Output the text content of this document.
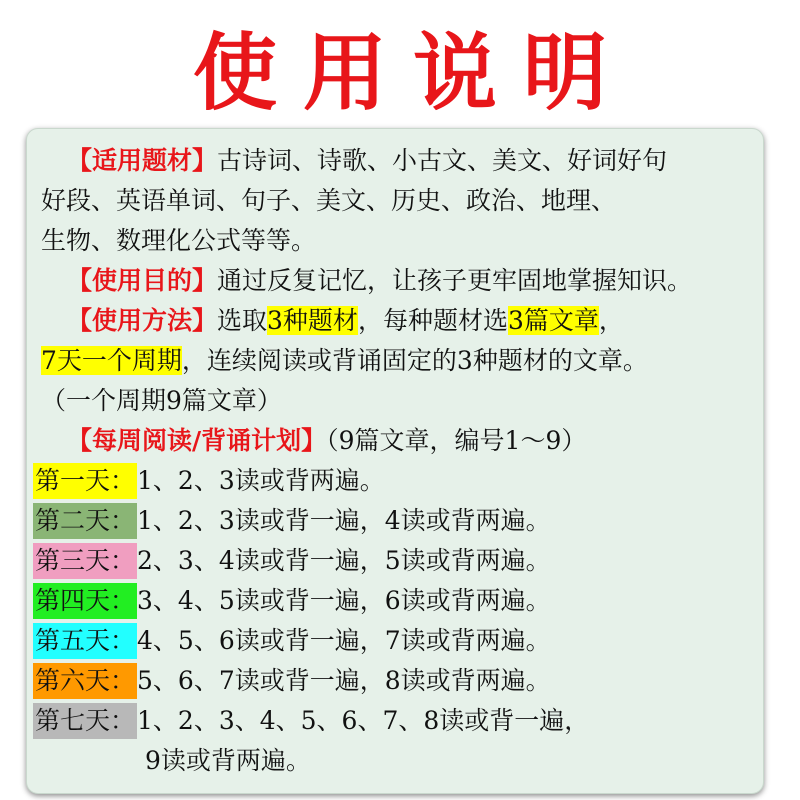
使用说明
【适用题材】古诗词、诗歌、小古文、美文、好词好句
好段、英语单词、句子、美文、历史、政治、地理、
生物、数理化公式等等。
【使用目的】通过反复记忆，让孩子更牢固地掌握知识。
【使用方法】选取3种题材，每种题材选3篇文章，
7天一个周期，连续阅读或背诵固定的3种题材的文章。
（一个周期9篇文章）
【每周阅读/背诵计划】（9篇文章，编号1～9）
第一天：1、2、3读或背两遍。
第二天：1、2、3读或背一遍，4读或背两遍。
第三天：2、3、4读或背一遍，5读或背两遍。
第四天：3、4、5读或背一遍，6读或背两遍。
第五天：4、5、6读或背一遍，7读或背两遍。
第六天：5、6、7读或背一遍，8读或背两遍。
第七天：1、2、3、4、5、6、7、8读或背一遍，
9读或背两遍。
